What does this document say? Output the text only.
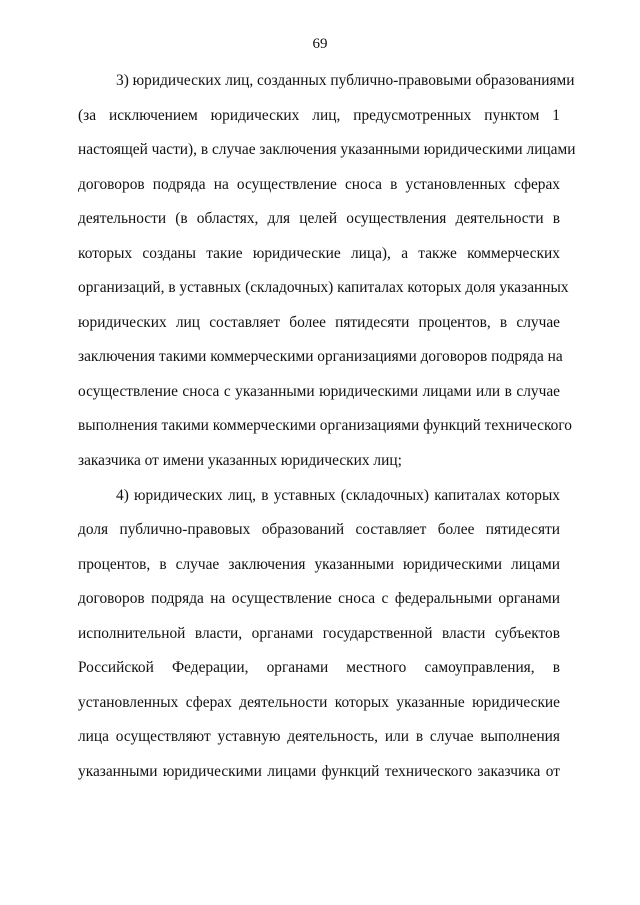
69
3) юридических лиц, созданных публично-правовыми образованиями
(за исключением юридических лиц, предусмотренных пунктом 1
настоящей части), в случае заключения указанными юридическими лицами
договоров подряда на осуществление сноса в установленных сферах
деятельности (в областях, для целей осуществления деятельности в
которых созданы такие юридические лица), а также коммерческих
организаций, в уставных (складочных) капиталах которых доля указанных
юридических лиц составляет более пятидесяти процентов, в случае
заключения такими коммерческими организациями договоров подряда на
осуществление сноса с указанными юридическими лицами или в случае
выполнения такими коммерческими организациями функций технического
заказчика от имени указанных юридических лиц;
4) юридических лиц, в уставных (складочных) капиталах которых
доля публично-правовых образований составляет более пятидесяти
процентов, в случае заключения указанными юридическими лицами
договоров подряда на осуществление сноса с федеральными органами
исполнительной власти, органами государственной власти субъектов
Российской Федерации, органами местного самоуправления, в
установленных сферах деятельности которых указанные юридические
лица осуществляют уставную деятельность, или в случае выполнения
указанными юридическими лицами функций технического заказчика от
